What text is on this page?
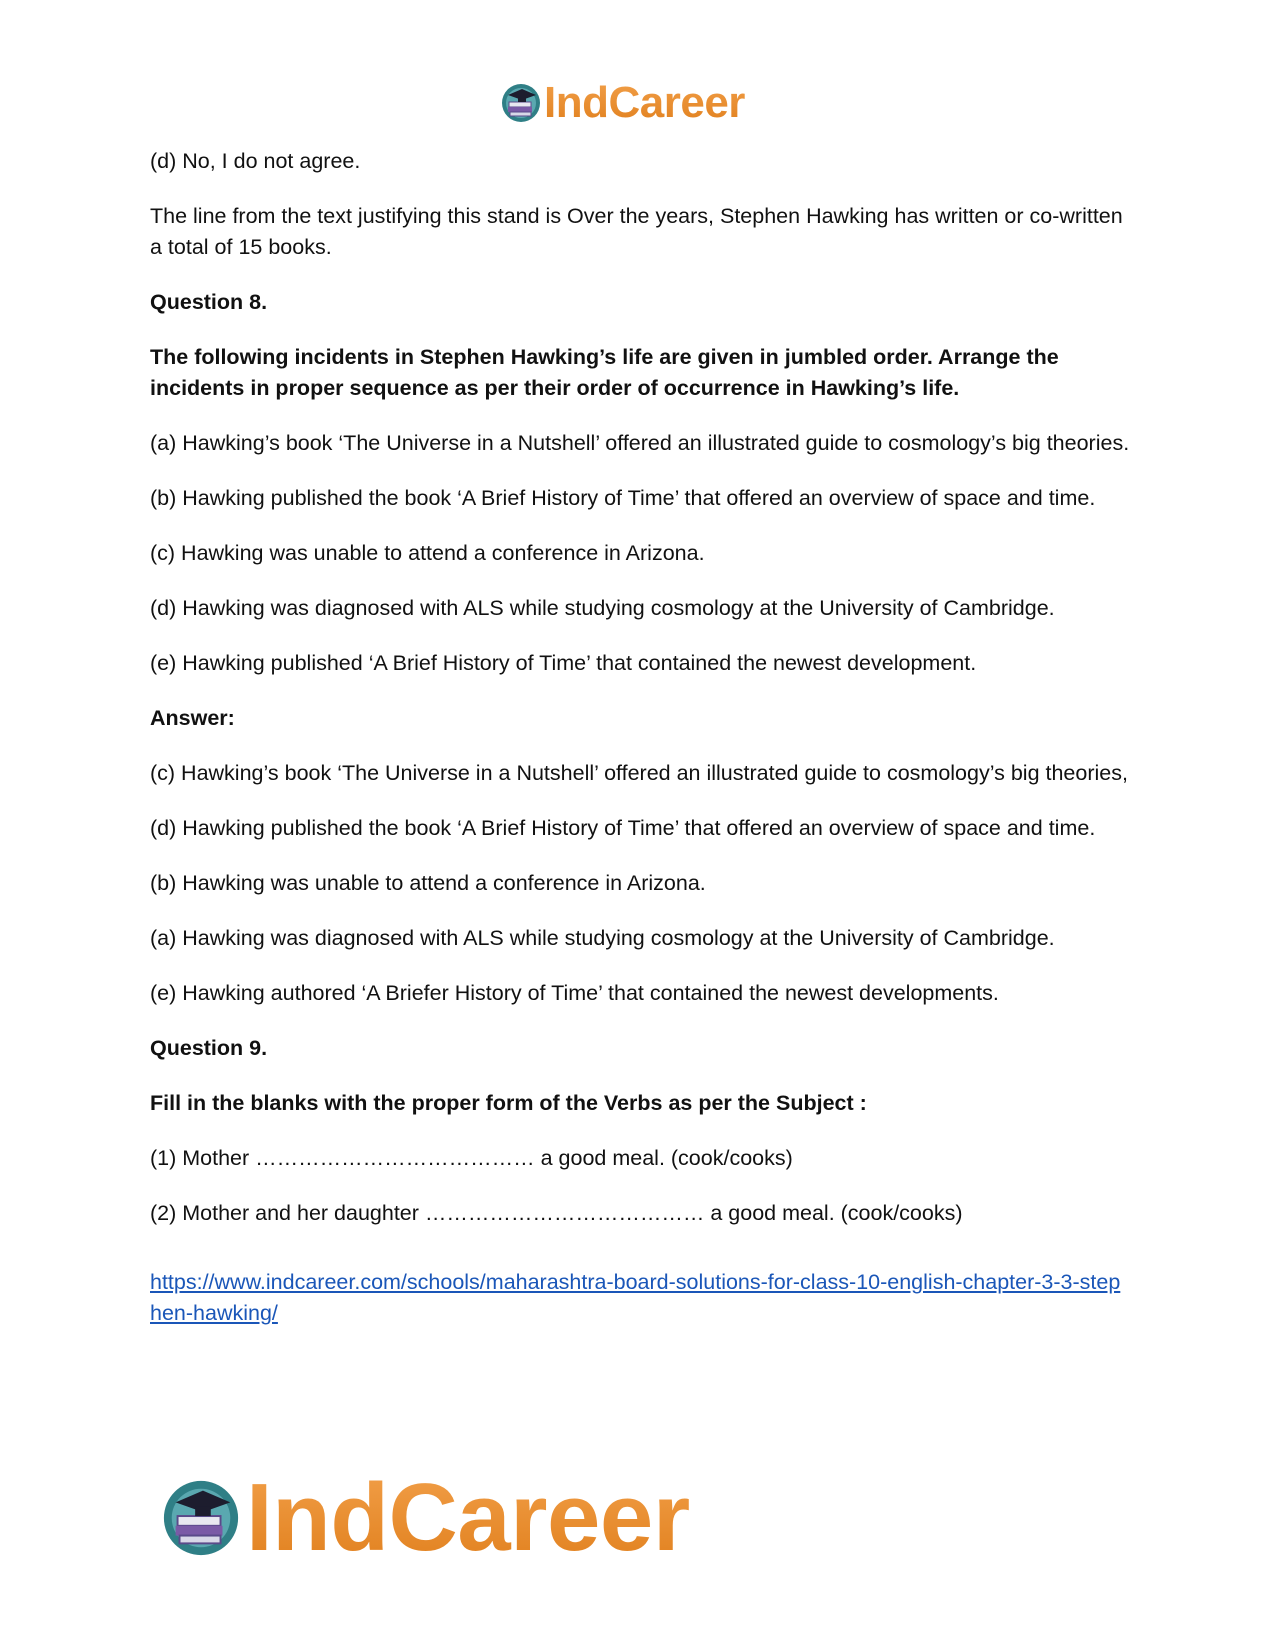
IndCareer

(d) No, I do not agree.

The line from the text justifying this stand is Over the years, Stephen Hawking has written or co-written a total of 15 books.

Question 8.

The following incidents in Stephen Hawking’s life are given in jumbled order. Arrange the incidents in proper sequence as per their order of occurrence in Hawking’s life.

(a) Hawking’s book ‘The Universe in a Nutshell’ offered an illustrated guide to cosmology’s big theories.

(b) Hawking published the book ‘A Brief History of Time’ that offered an overview of space and time.

(c) Hawking was unable to attend a conference in Arizona.

(d) Hawking was diagnosed with ALS while studying cosmology at the University of Cambridge.

(e) Hawking published ‘A Brief History of Time’ that contained the newest development.

Answer:

(c) Hawking’s book ‘The Universe in a Nutshell’ offered an illustrated guide to cosmology’s big theories,

(d) Hawking published the book ‘A Brief History of Time’ that offered an overview of space and time.

(b) Hawking was unable to attend a conference in Arizona.

(a) Hawking was diagnosed with ALS while studying cosmology at the University of Cambridge.

(e) Hawking authored ‘A Briefer History of Time’ that contained the newest developments.

Question 9.

Fill in the blanks with the proper form of the Verbs as per the Subject :

(1) Mother ………………………………… a good meal. (cook/cooks)

(2) Mother and her daughter ………………………………… a good meal. (cook/cooks)

https://www.indcareer.com/schools/maharashtra-board-solutions-for-class-10-english-chapter-3-3-stephen-hawking/
IndCareer
